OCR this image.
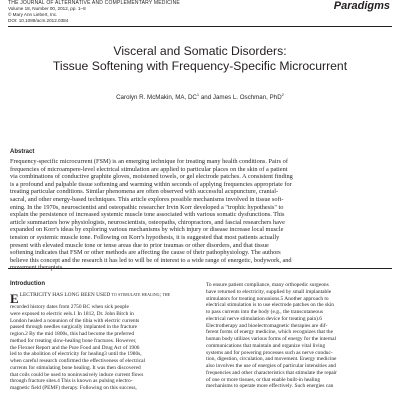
THE JOURNAL OF ALTERNATIVE AND COMPLEMENTARY MEDICINE
Volume 18, Number 00, 2012, pp. 1–8
© Mary Ann Liebert, Inc.
DOI: 10.1089/acm.2012.0384
Paradigms
Visceral and Somatic Disorders:
Tissue Softening with Frequency-Specific Microcurrent
Carolyn R. McMakin, MA, $DC^1$ and James L. Oschman, PhD$^2$
Abstract
Frequency-specific microcurrent (FSM) is an emerging technique for treating many health conditions. Pairs of
frequencies of microampere-level electrical stimulation are applied to particular places on the skin of a patient
via combinations of conductive graphite gloves, moistened towels, or gel electrode patches. A consistent finding
is a profound and palpable tissue softening and warming within seconds of applying frequencies appropriate for
treating particular conditions. Similar phenomena are often observed with successful acupuncture, cranial-
sacral, and other energy-based techniques. This article explores possible mechanisms involved in tissue soft-
ening. In the 1970s, neuroscientist and osteopathic researcher Irvin Korr developed a "trophic hypothesis" to
explain the persistence of increased systemic muscle tone associated with various somatic dysfunctions. This
article summarizes how physiologists, neuroscientists, osteopaths, chiropractors, and fascial researchers have
expanded on Korr's ideas by exploring various mechanisms by which injury or disease increase local muscle
tension or systemic muscle tone. Following on Korr's hypothesis, it is suggested that most patients actually
present with elevated muscle tone or tense areas due to prior traumas or other disorders, and that tissue
softening indicates that FSM or other methods are affecting the cause of their pathophysiology. The authors
believe this concept and the research it has led to will be of interest to a wide range of energetic, bodywork, and
movement therapists.
Introduction
ELECTRICITY HAS LONG BEEN USED to stimulate healing; the
recorded history dates from 2750 BC when sick people
were exposed to electric eels.1 In 1812, Dr. John Birch in
London healed a nonunion of the tibia with electric currents
passed through needles surgically implanted in the fracture
region.2 By the mid 1800s, this had become the preferred
method for treating slow-healing bone fractures. However,
the Flexner Report and the Pure Food and Drug Act of 1906
led to the abolition of electricity for healing3 until the 1980s,
when careful research confirmed the effectiveness of electrical
currents for stimulating bone healing. It was then discovered
that coils could be used to noninvasively induce current flows
through fracture sites.4 This is known as pulsing electro-
magnetic field (PEMF) therapy. Following on this success,
To ensure patient compliance, many orthopedic surgeons
have returned to electricity, supplied by small implantable
stimulators for treating nonunions.5 Another approach to
electrical stimulation is to use electrode patches on the skin
to pass currents into the body (e.g., the transcutaneous
electrical nerve stimulation device for treating pain).6
Electrotherapy and bioelectromagnetic therapies are dif-
ferent forms of energy medicine, which recognizes that the
human body utilizes various forms of energy for the internal
communications that maintain and organize vital living
systems and for powering processes such as nerve conduc-
tion, digestion, circulation, and movement. Energy medicine
also involves the use of energies of particular intensities and
frequencies and other characteristics that stimulate the repair
of one or more tissues, or that enable built-in healing
mechanisms to operate more effectively. Such energies can
